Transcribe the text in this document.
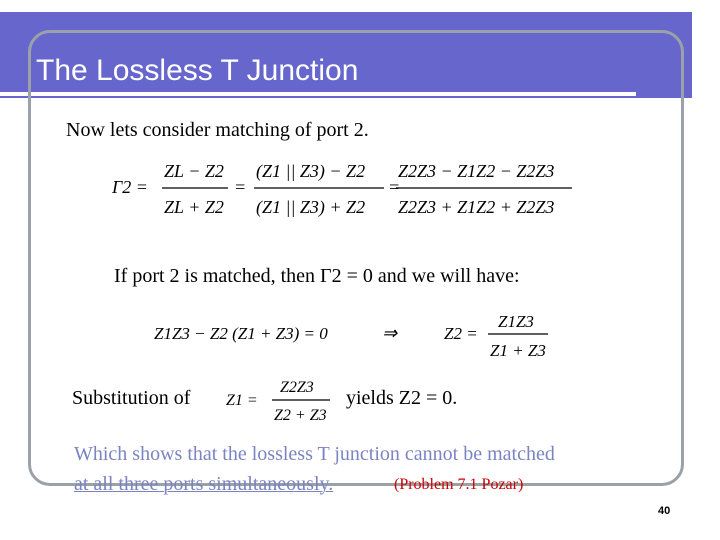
The Lossless T Junction
Now lets consider matching of port 2.
Γ2 =
ZL − Z2
ZL + Z2
=
(Z1 || Z3) − Z2
(Z1 || Z3) + Z2
=
Z2Z3 − Z1Z2 − Z2Z3
Z2Z3 + Z1Z2 + Z2Z3
If port 2 is matched, then Γ2 = 0 and we will have:
Z1Z3 − Z2 (Z1 + Z3) = 0	⇒	Z2 =
Z1Z3
Z1 + Z3
Substitution of Z1 =
Z2Z3
Z2 + Z3
yields Z2 = 0.
Which shows that the lossless T junction cannot be matched
at all three ports simultaneously.	(Problem 7.1 Pozar)
40
